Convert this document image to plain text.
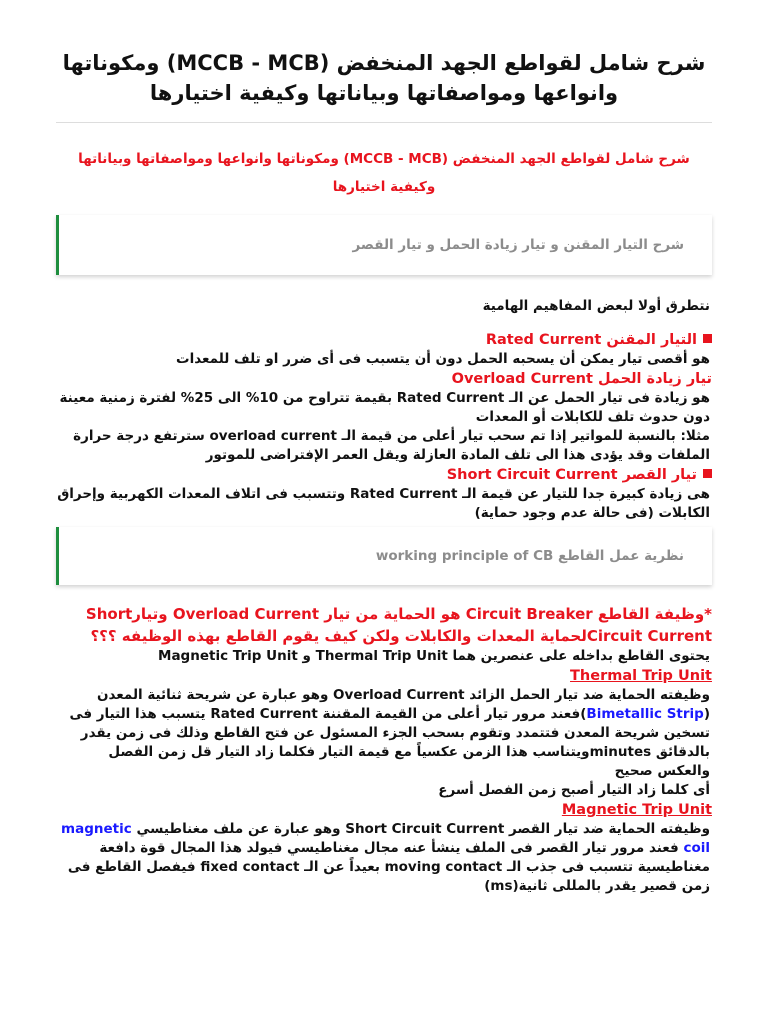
شرح شامل لقواطع الجهد المنخفض (MCCB - MCB) ومكوناتها وانواعها ومواصفاتها وبياناتها وكيفية اختيارها
شرح شامل لقواطع الجهد المنخفض (MCCB - MCB) ومكوناتها وانواعها ومواصفاتها وبياناتها وكيفية اختيارها
شرح التيار المقنن و تيار زيادة الحمل و تيار القصر
نتطرق أولا لبعض المفاهيم الهامية
التيار المقنن Rated Current
هو أقصى تيار يمكن أن يسحبه الحمل دون أن يتسبب فى أى ضرر او تلف للمعدات
تيار زيادة الحمل Overload Current
هو زيادة فى تيار الحمل عن الـ Rated Current بقيمة تتراوح من 10% الى 25% لفترة زمنية معينة دون حدوث تلف للكابلات أو المعدات
مثلا: بالنسبة للمواتير إذا تم سحب تيار أعلى من قيمة الـ overload current سترتفع درجة حرارة الملفات وقد يؤدى هذا الى تلف المادة العازلة ويقل العمر الإفتراضى للموتور
تيار القصر Short Circuit Current
هى زيادة كبيرة جدا للتيار عن قيمة الـ Rated Current وتتسبب فى اتلاف المعدات الكهربية وإحراق الكابلات (فى حالة عدم وجود حماية)
نظرية عمل القاطع working principle of CB
*وظيفة القاطع Circuit Breaker هو الحماية من تيار Overload Current وتيارShort Circuit Currentلحماية المعدات والكابلات ولكن كيف يقوم القاطع بهذه الوظيفه ؟؟؟
يحتوى القاطع بداخله على عنصرين هما Thermal Trip Unit و Magnetic Trip Unit
Thermal Trip Unit
وظيفته الحماية ضد تيار الحمل الزائد Overload Current وهو عبارة عن شريحة ثنائية المعدن (Bimetallic Strip)فعند مرور تيار أعلى من القيمة المقننة Rated Current يتسبب هذا التيار فى تسخين شريحة المعدن فتتمدد وتقوم بسحب الجزء المسئول عن فتح القاطع وذلك فى زمن يقدر بالدقائق minutesويتناسب هذا الزمن عكسياً مع قيمة التيار فكلما زاد التيار قل زمن الفصل والعكس صحيح
أى كلما زاد التيار أصبح زمن الفصل أسرع
Magnetic Trip Unit
وظيفته الحماية ضد تيار القصر Short Circuit Current وهو عبارة عن ملف مغناطيسي magnetic coil فعند مرور تيار القصر فى الملف ينشأ عنه مجال مغناطيسي فيولد هذا المجال قوة دافعة مغناطيسية تتسبب فى جذب الـ moving contact بعيداً عن الـ fixed contact فيفصل القاطع فى زمن قصير يقدر بالمللى ثانية(ms)
